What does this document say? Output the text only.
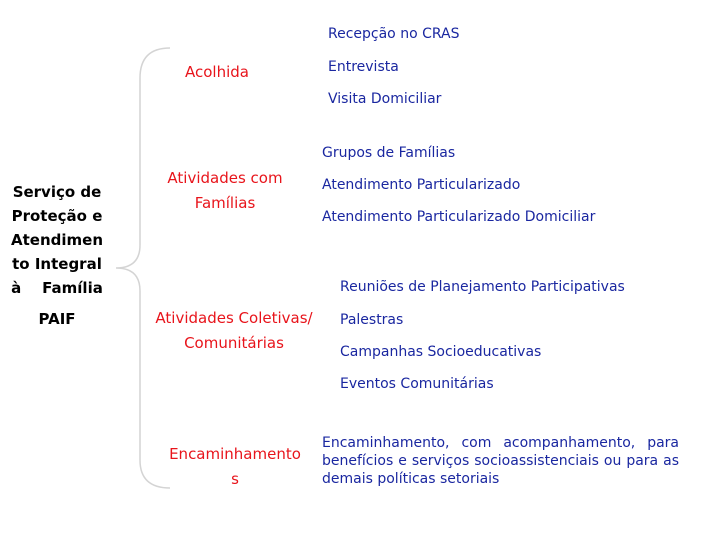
Serviço de
Proteção e
Atendimen
to Integral
à    Família
PAIF
Acolhida
Recepção no CRAS
Entrevista
Visita Domiciliar
Atividades com
Famílias
Grupos de Famílias
Atendimento Particularizado
Atendimento Particularizado Domiciliar
Atividades Coletivas/
Comunitárias
Reuniões de Planejamento Participativas
Palestras
Campanhas Socioeducativas
Eventos Comunitárias
Encaminhamento
s
Encaminhamento, com acompanhamento, para benefícios e serviços socioassistenciais ou para as demais políticas setoriais
